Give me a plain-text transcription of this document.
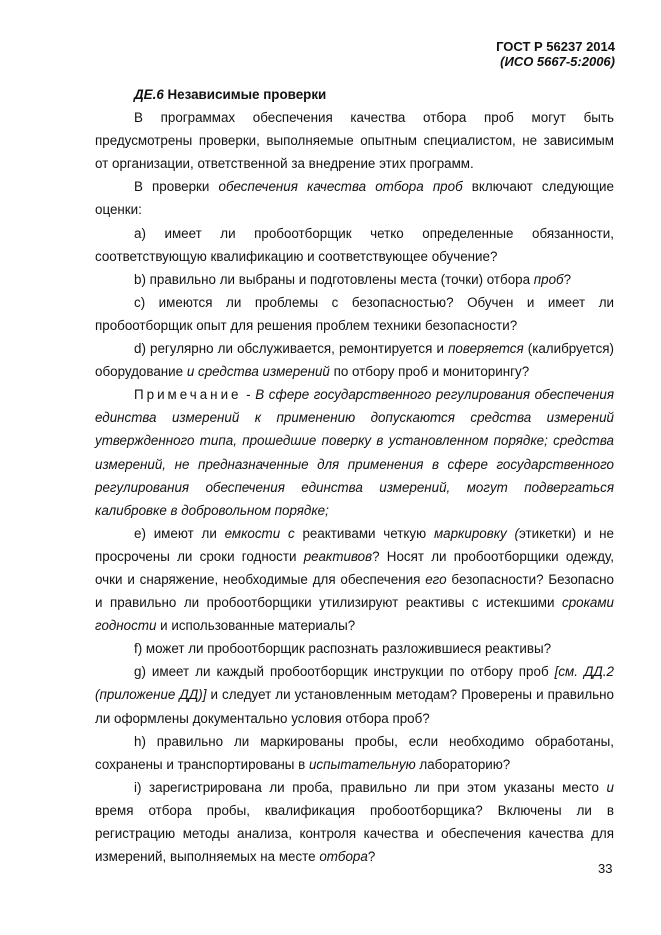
ГОСТ Р 56237 2014
(ИСО 5667-5:2006)

ДЕ.6 Независимые проверки

В программах обеспечения качества отбора проб могут быть предусмотрены проверки, выполняемые опытным специалистом, не зависимым от организации, ответственной за внедрение этих программ.

В проверки обеспечения качества отбора проб включают следующие оценки:

а) имеет ли пробоотборщик четко определенные обязанности, соответствующую квалификацию и соответствующее обучение?

b) правильно ли выбраны и подготовлены места (точки) отбора проб?

с) имеются ли проблемы с безопасностью? Обучен и имеет ли пробоотборщик опыт для решения проблем техники безопасности?

d) регулярно ли обслуживается, ремонтируется и поверяется (калибруется) оборудование и средства измерений по отбору проб и мониторингу?

Примечание - В сфере государственного регулирования обеспечения единства измерений к применению допускаются средства измерений утвержденного типа, прошедшие поверку в установленном порядке; средства измерений, не предназначенные для применения в сфере государственного регулирования обеспечения единства измерений, могут подвергаться калибровке в добровольном порядке;

е) имеют ли емкости с реактивами четкую маркировку (этикетки) и не просрочены ли сроки годности реактивов? Носят ли пробоотборщики одежду, очки и снаряжение, необходимые для обеспечения его безопасности? Безопасно и правильно ли пробоотборщики утилизируют реактивы с истекшими сроками годности и использованные материалы?

f) может ли пробоотборщик распознать разложившиеся реактивы?

g) имеет ли каждый пробоотборщик инструкции по отбору проб [см. ДД.2 (приложение ДД)] и следует ли установленным методам? Проверены и правильно ли оформлены документально условия отбора проб?

h) правильно ли маркированы пробы, если необходимо обработаны, сохранены и транспортированы в испытательную лабораторию?

i) зарегистрирована ли проба, правильно ли при этом указаны место и время отбора пробы, квалификация пробоотборщика? Включены ли в регистрацию методы анализа, контроля качества и обеспечения качества для измерений, выполняемых на месте отбора?

33
